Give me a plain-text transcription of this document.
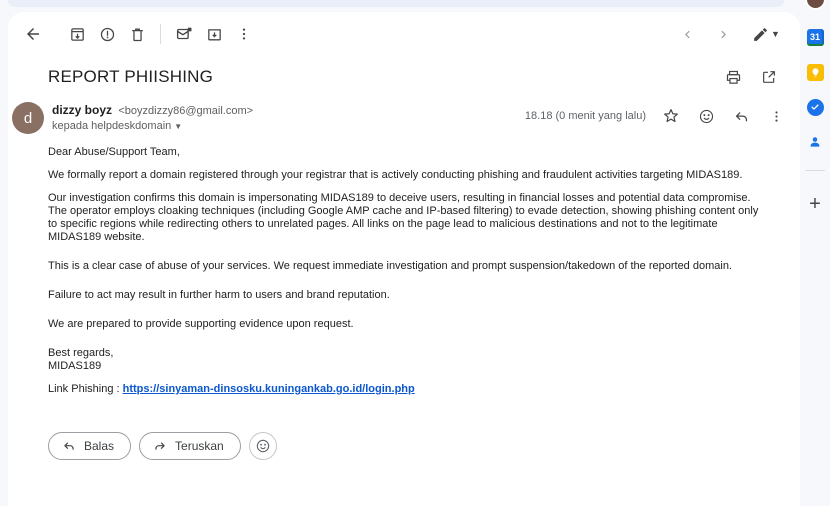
▼
REPORT PHIISHING
d	dizzy boyz <boyzdizzy86@gmail.com>
kepada helpdeskdomain ▼
18.18 (0 menit yang lalu)

Dear Abuse/Support Team,

We formally report a domain registered through your registrar that is actively conducting phishing and fraudulent activities targeting MIDAS189.

Our investigation confirms this domain is impersonating MIDAS189 to deceive users, resulting in financial losses and potential data compromise. The operator employs cloaking techniques (including Google AMP cache and IP-based filtering) to evade detection, showing phishing content only to specific regions while redirecting others to unrelated pages. All links on the page lead to malicious destinations and not to the legitimate MIDAS189 website.

This is a clear case of abuse of your services. We request immediate investigation and prompt suspension/takedown of the reported domain.

Failure to act may result in further harm to users and brand reputation.

We are prepared to provide supporting evidence upon request.

Best regards,
MIDAS189

Link Phishing : https://sinyaman-dinsosku.kuningankab.go.id/login.php

Balas	Teruskan
31
+
